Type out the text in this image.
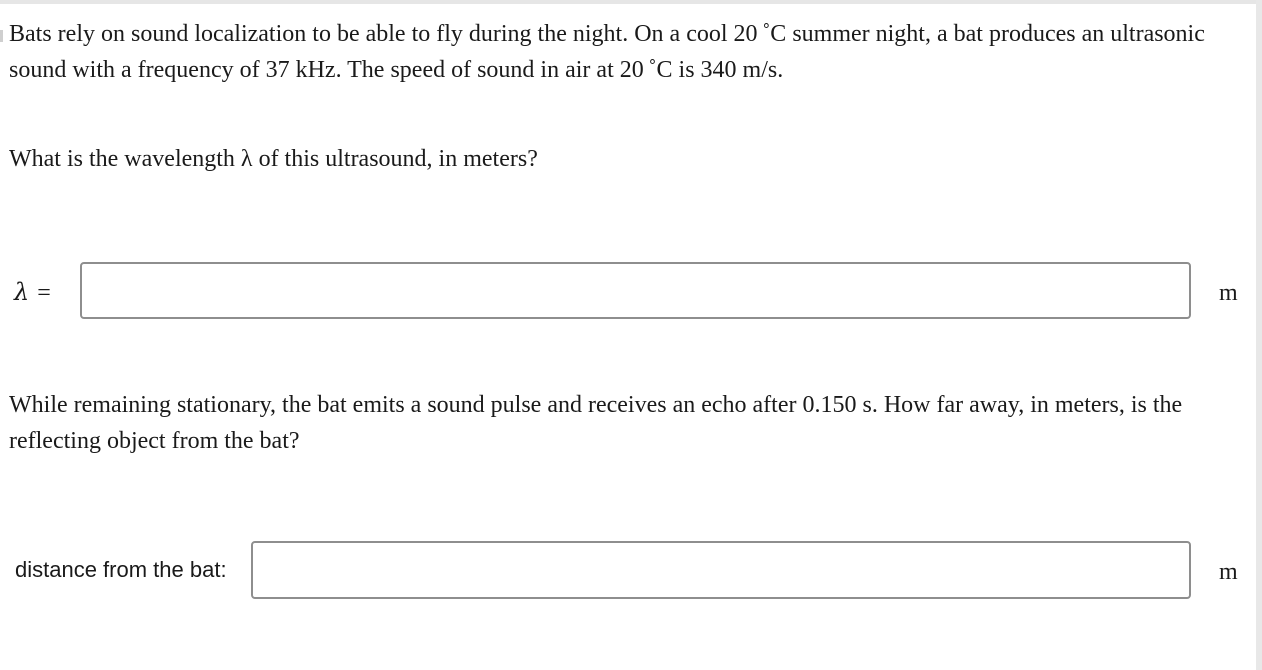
Bats rely on sound localization to be able to fly during the night. On a cool 20 ˚C summer night, a bat produces an ultrasonic sound with a frequency of 37 kHz. The speed of sound in air at 20 ˚C is 340 m/s.

What is the wavelength λ of this ultrasound, in meters?

λ =	m

While remaining stationary, the bat emits a sound pulse and receives an echo after 0.150 s. How far away, in meters, is the reflecting object from the bat?

distance from the bat:	m
